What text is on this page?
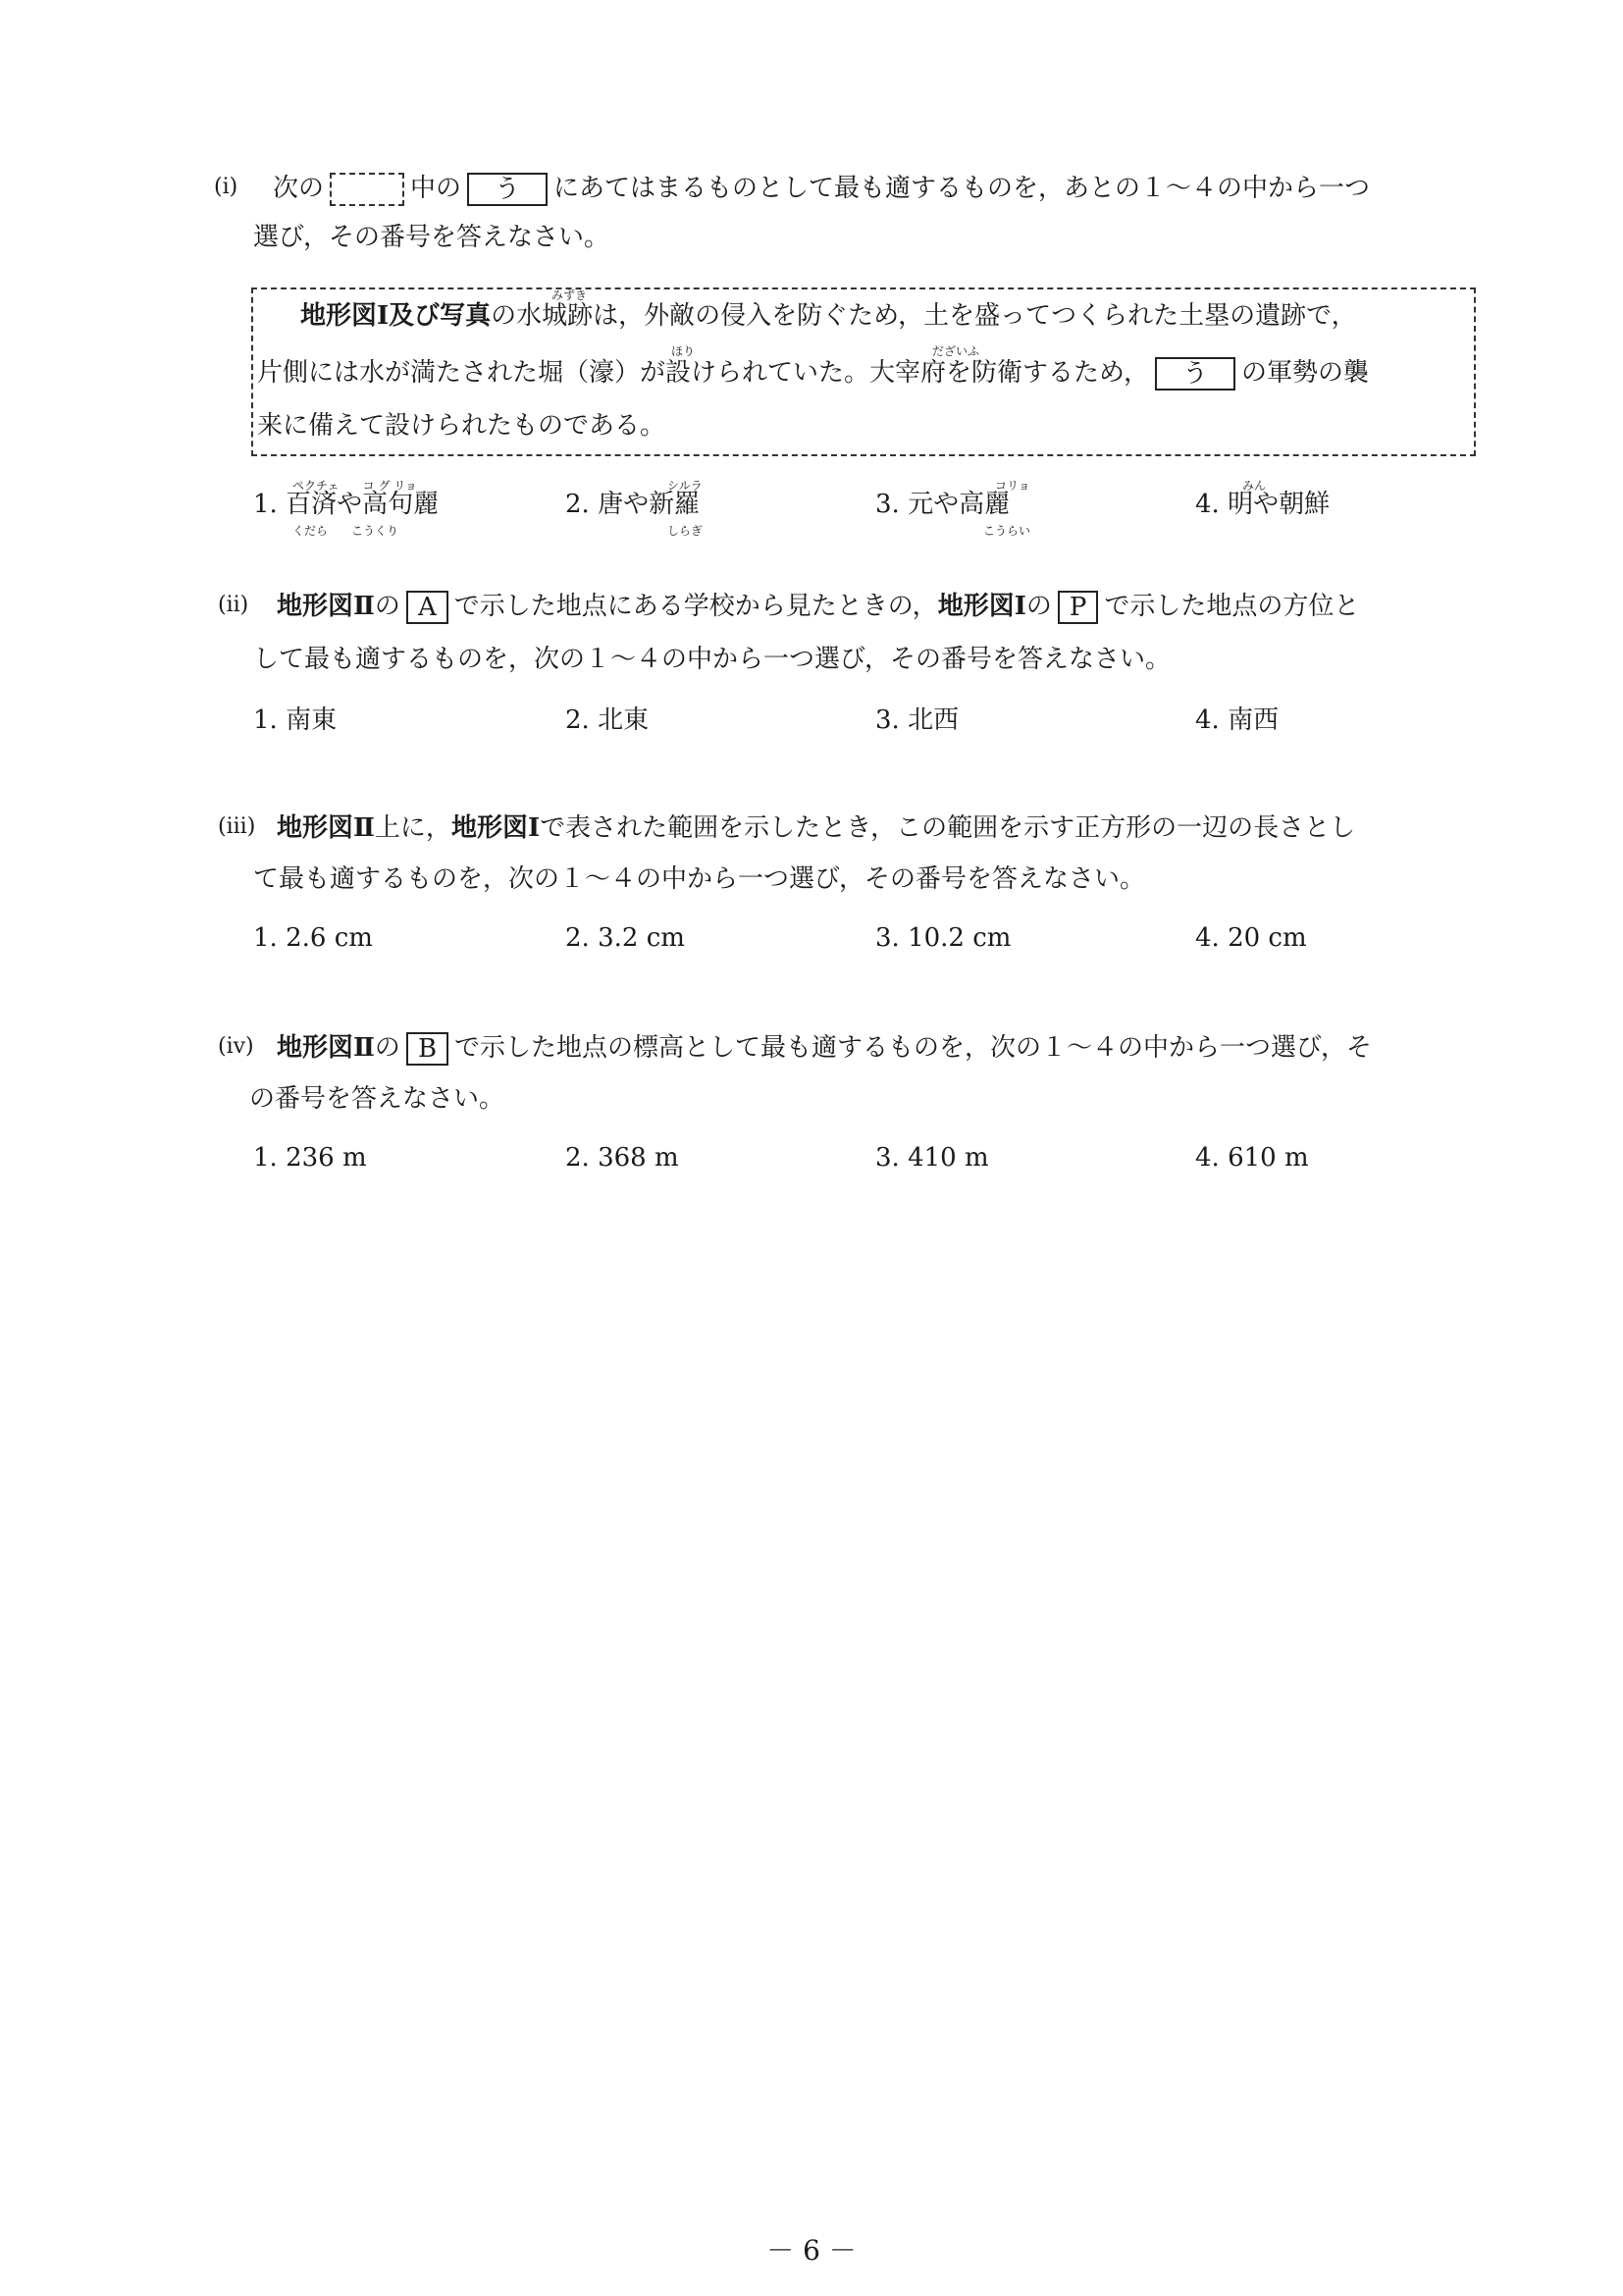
(i) 次の	中の う にあてはまるものとして最も適するものを，あとの１～４の中から一つ
選び，その番号を答えなさい。
みずき
地形図Ⅰ及び写真の水城跡は，外敵の侵入を防ぐため，土を盛ってつくられた土塁の遺跡で，
ほり	だざいふ
片側には水が満たされた堀（濠）が設けられていた。大宰府を防衛するため， う の軍勢の襲
来に備えて設けられたものである。
ペクチェ　　コ グ リョ
1. 百済や高句麗
くだら　　こうくり
シルラ
2. 唐や新羅
しらぎ
コリョ
3. 元や高麗
こうらい
みん
4. 明や朝鮮
(ii) 地形図Ⅱの A で示した地点にある学校から見たときの，地形図Ⅰの P で示した地点の方位と
して最も適するものを，次の１～４の中から一つ選び，その番号を答えなさい。
1. 南東	2. 北東	3. 北西	4. 南西
(iii) 地形図Ⅱ上に，地形図Ⅰで表された範囲を示したとき，この範囲を示す正方形の一辺の長さとし
て最も適するものを，次の１～４の中から一つ選び，その番号を答えなさい。
1. 2.6 cm	2. 3.2 cm	3. 10.2 cm	4. 20 cm
(iv) 地形図Ⅱの B で示した地点の標高として最も適するものを，次の１～４の中から一つ選び，そ
の番号を答えなさい。
1. 236 m	2. 368 m	3. 410 m	4. 610 m
－ 6 －
